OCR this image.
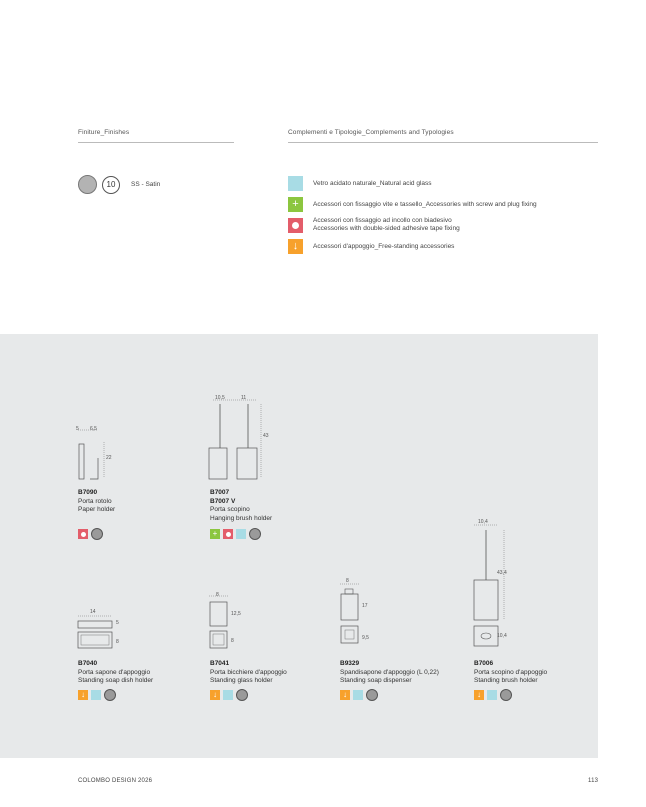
Finiture_Finishes	Complementi e Tipologie_Complements and Typologies
10	SS - Satin	Vetro acidato naturale_Natural acid glass
+	Accessori con fissaggio vite e tassello_Accessories with screw and plug fixing
Accessori con fissaggio ad incollo con biadesivo
Accessories with double-sided adhesive tape fixing
↓	Accessori d'appoggio_Free-standing accessories
5 6,5
22
10,5	11
43
B7090
Porta rotolo
Paper holder
B7007
B7007 V
Porta scopino
Hanging brush holder
+
10,4
43,4
10,4
14
5
8
8
12,5
8
8
17
9,5
B7040
Porta sapone d'appoggio
Standing soap dish holder
↓
B7041
Porta bicchiere d'appoggio
Standing glass holder
↓
B9329
Spandisapone d'appoggio (L 0,22)
Standing soap dispenser
↓
B7006
Porta scopino d'appoggio
Standing brush holder
↓
COLOMBO DESIGN 2026	113
